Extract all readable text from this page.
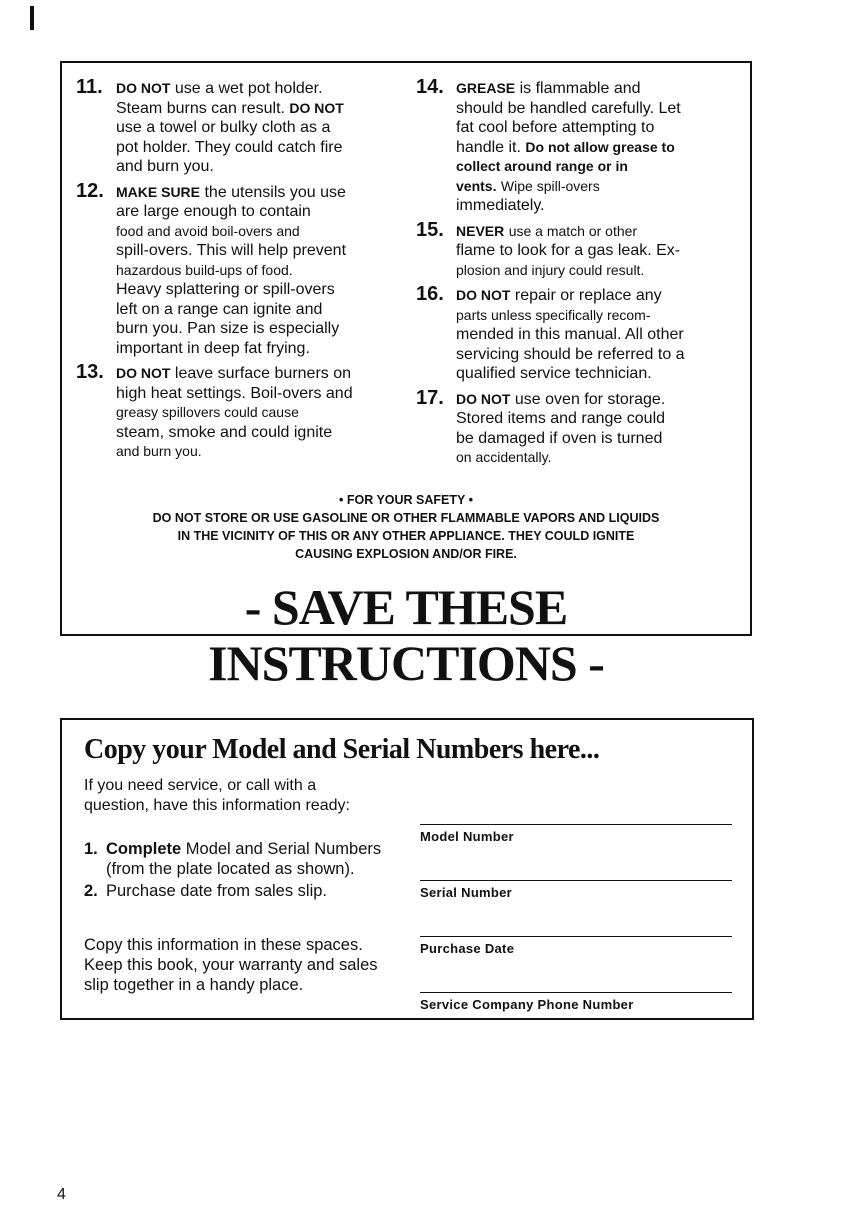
11. DO NOT use a wet pot holder.
Steam burns can result. DO NOT
use a towel or bulky cloth as a
pot holder. They could catch fire
and burn you.
12. MAKE SURE the utensils you use
are large enough to contain
food and avoid boil-overs and
spill-overs. This will help prevent
hazardous build-ups of food.
Heavy splattering or spill-overs
left on a range can ignite and
burn you. Pan size is especially
important in deep fat frying.
13. DO NOT leave surface burners on
high heat settings. Boil-overs and
greasy spillovers could cause
steam, smoke and could ignite
and burn you.
14. GREASE is flammable and
should be handled carefully. Let
fat cool before attempting to
handle it. Do not allow grease to
collect around range or in
vents. Wipe spill-overs
immediately.
15. NEVER use a match or other
flame to look for a gas leak. Ex-
plosion and injury could result.
16. DO NOT repair or replace any
parts unless specifically recom-
mended in this manual. All other
servicing should be referred to a
qualified service technician.
17. DO NOT use oven for storage.
Stored items and range could
be damaged if oven is turned
on accidentally.
• FOR YOUR SAFETY •
DO NOT STORE OR USE GASOLINE OR OTHER FLAMMABLE VAPORS AND LIQUIDS
IN THE VICINITY OF THIS OR ANY OTHER APPLIANCE. THEY COULD IGNITE
CAUSING EXPLOSION AND/OR FIRE.
- SAVE THESE INSTRUCTIONS -
Copy your Model and Serial Numbers here...
If you need service, or call with a question, have this information ready:
1. Complete Model and Serial Numbers (from the plate located as shown).
2. Purchase date from sales slip.
Copy this information in these spaces. Keep this book, your warranty and sales slip together in a handy place.
Model Number
Serial Number
Purchase Date
Service Company Phone Number
4
